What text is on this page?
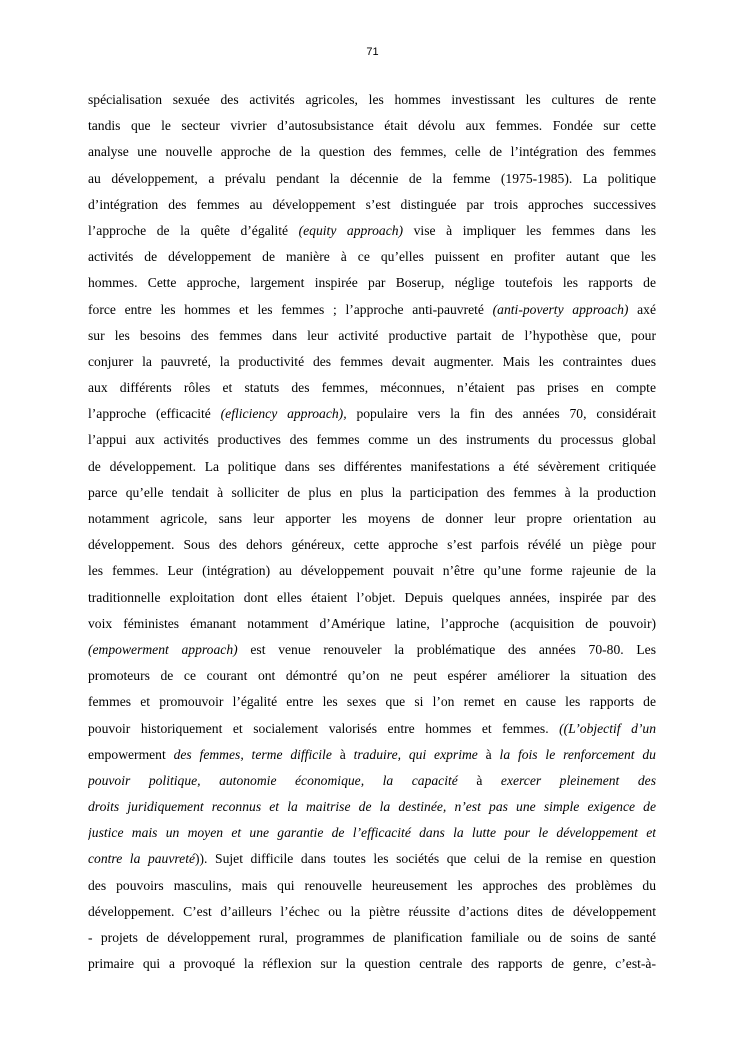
71
spécialisation sexuée des activités agricoles, les hommes investissant les cultures de rente
tandis que le secteur vivrier d’autosubsistance était dévolu aux femmes. Fondée sur cette
analyse une nouvelle approche de la question des femmes, celle de l’intégration des femmes
au développement, a prévalu pendant la décennie de la femme (1975-1985). La politique
d’intégration des femmes au développement s’est distinguée par trois approches successives
l’approche de la quête d’égalité (equity approach) vise à impliquer les femmes dans les
activités de développement de manière à ce qu’elles puissent en profiter autant que les
hommes. Cette approche, largement inspirée par Boserup, néglige toutefois les rapports de
force entre les hommes et les femmes ; l’approche anti-pauvreté (anti-poverty approach) axé
sur les besoins des femmes dans leur activité productive partait de l’hypothèse que, pour
conjurer la pauvreté, la productivité des femmes devait augmenter. Mais les contraintes dues
aux différents rôles et statuts des femmes, méconnues, n’étaient pas prises en compte
l’approche (efficacité (efliciency approach), populaire vers la fin des années 70, considérait
l’appui aux activités productives des femmes comme un des instruments du processus global
de développement. La politique dans ses différentes manifestations a été sévèrement critiquée
parce qu’elle tendait à solliciter de plus en plus la participation des femmes à la production
notamment agricole, sans leur apporter les moyens de donner leur propre orientation au
développement. Sous des dehors généreux, cette approche s’est parfois révélé un piège pour
les femmes. Leur (intégration) au développement pouvait n’être qu’une forme rajeunie de la
traditionnelle exploitation dont elles étaient l’objet. Depuis quelques années, inspirée par des
voix féministes émanant notamment d’Amérique latine, l’approche (acquisition de pouvoir)
(empowerment approach) est venue renouveler la problématique des années 70-80. Les
promoteurs de ce courant ont démontré qu’on ne peut espérer améliorer la situation des
femmes et promouvoir l’égalité entre les sexes que si l’on remet en cause les rapports de
pouvoir historiquement et socialement valorisés entre hommes et femmes. ((L’objectif d’un
empowerment des femmes, terme difficile à traduire, qui exprime à la fois le renforcement du
pouvoir politique, autonomie économique, la capacité à exercer pleinement des
droits juridiquement reconnus et la maitrise de la destinée, n’est pas une simple exigence de
justice mais un moyen et une garantie de l’efficacité dans la lutte pour le développement et
contre la pauvreté)). Sujet difficile dans toutes les sociétés que celui de la remise en question
des pouvoirs masculins, mais qui renouvelle heureusement les approches des problèmes du
développement. C’est d’ailleurs l’échec ou la piètre réussite d’actions dites de développement
- projets de développement rural, programmes de planification familiale ou de soins de santé
primaire qui a provoqué la réflexion sur la question centrale des rapports de genre, c’est-à-
